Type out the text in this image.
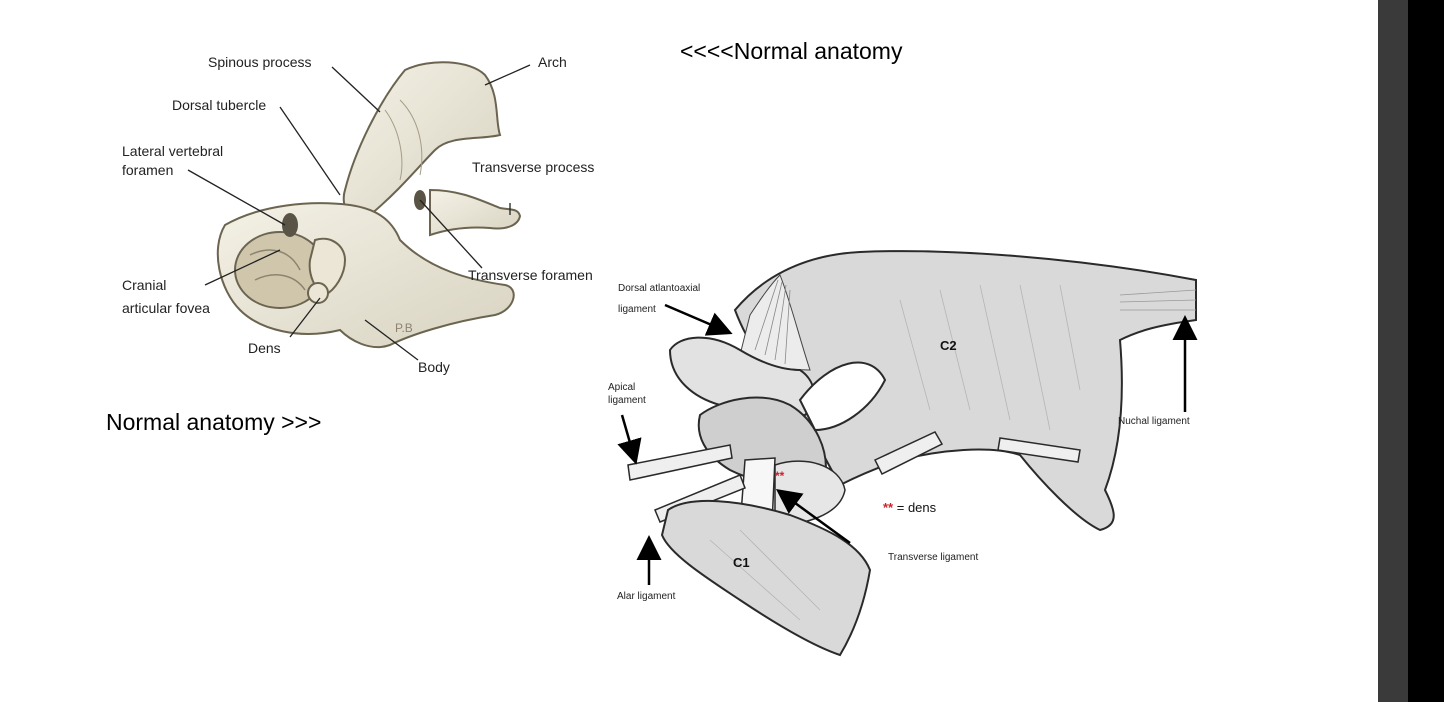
P.B
Spinous process	Arch
Dorsal tubercle
Lateral vertebral
foramen	Transverse process
Transverse foramen
Cranial
articular fovea
Dens
Body
Dorsal atlantoaxial
ligament
Apical
ligament
Nuchal ligament
Transverse ligament
Alar ligament
C2
C1
**
** = dens
<<<<Normal anatomy
Normal anatomy >>>
